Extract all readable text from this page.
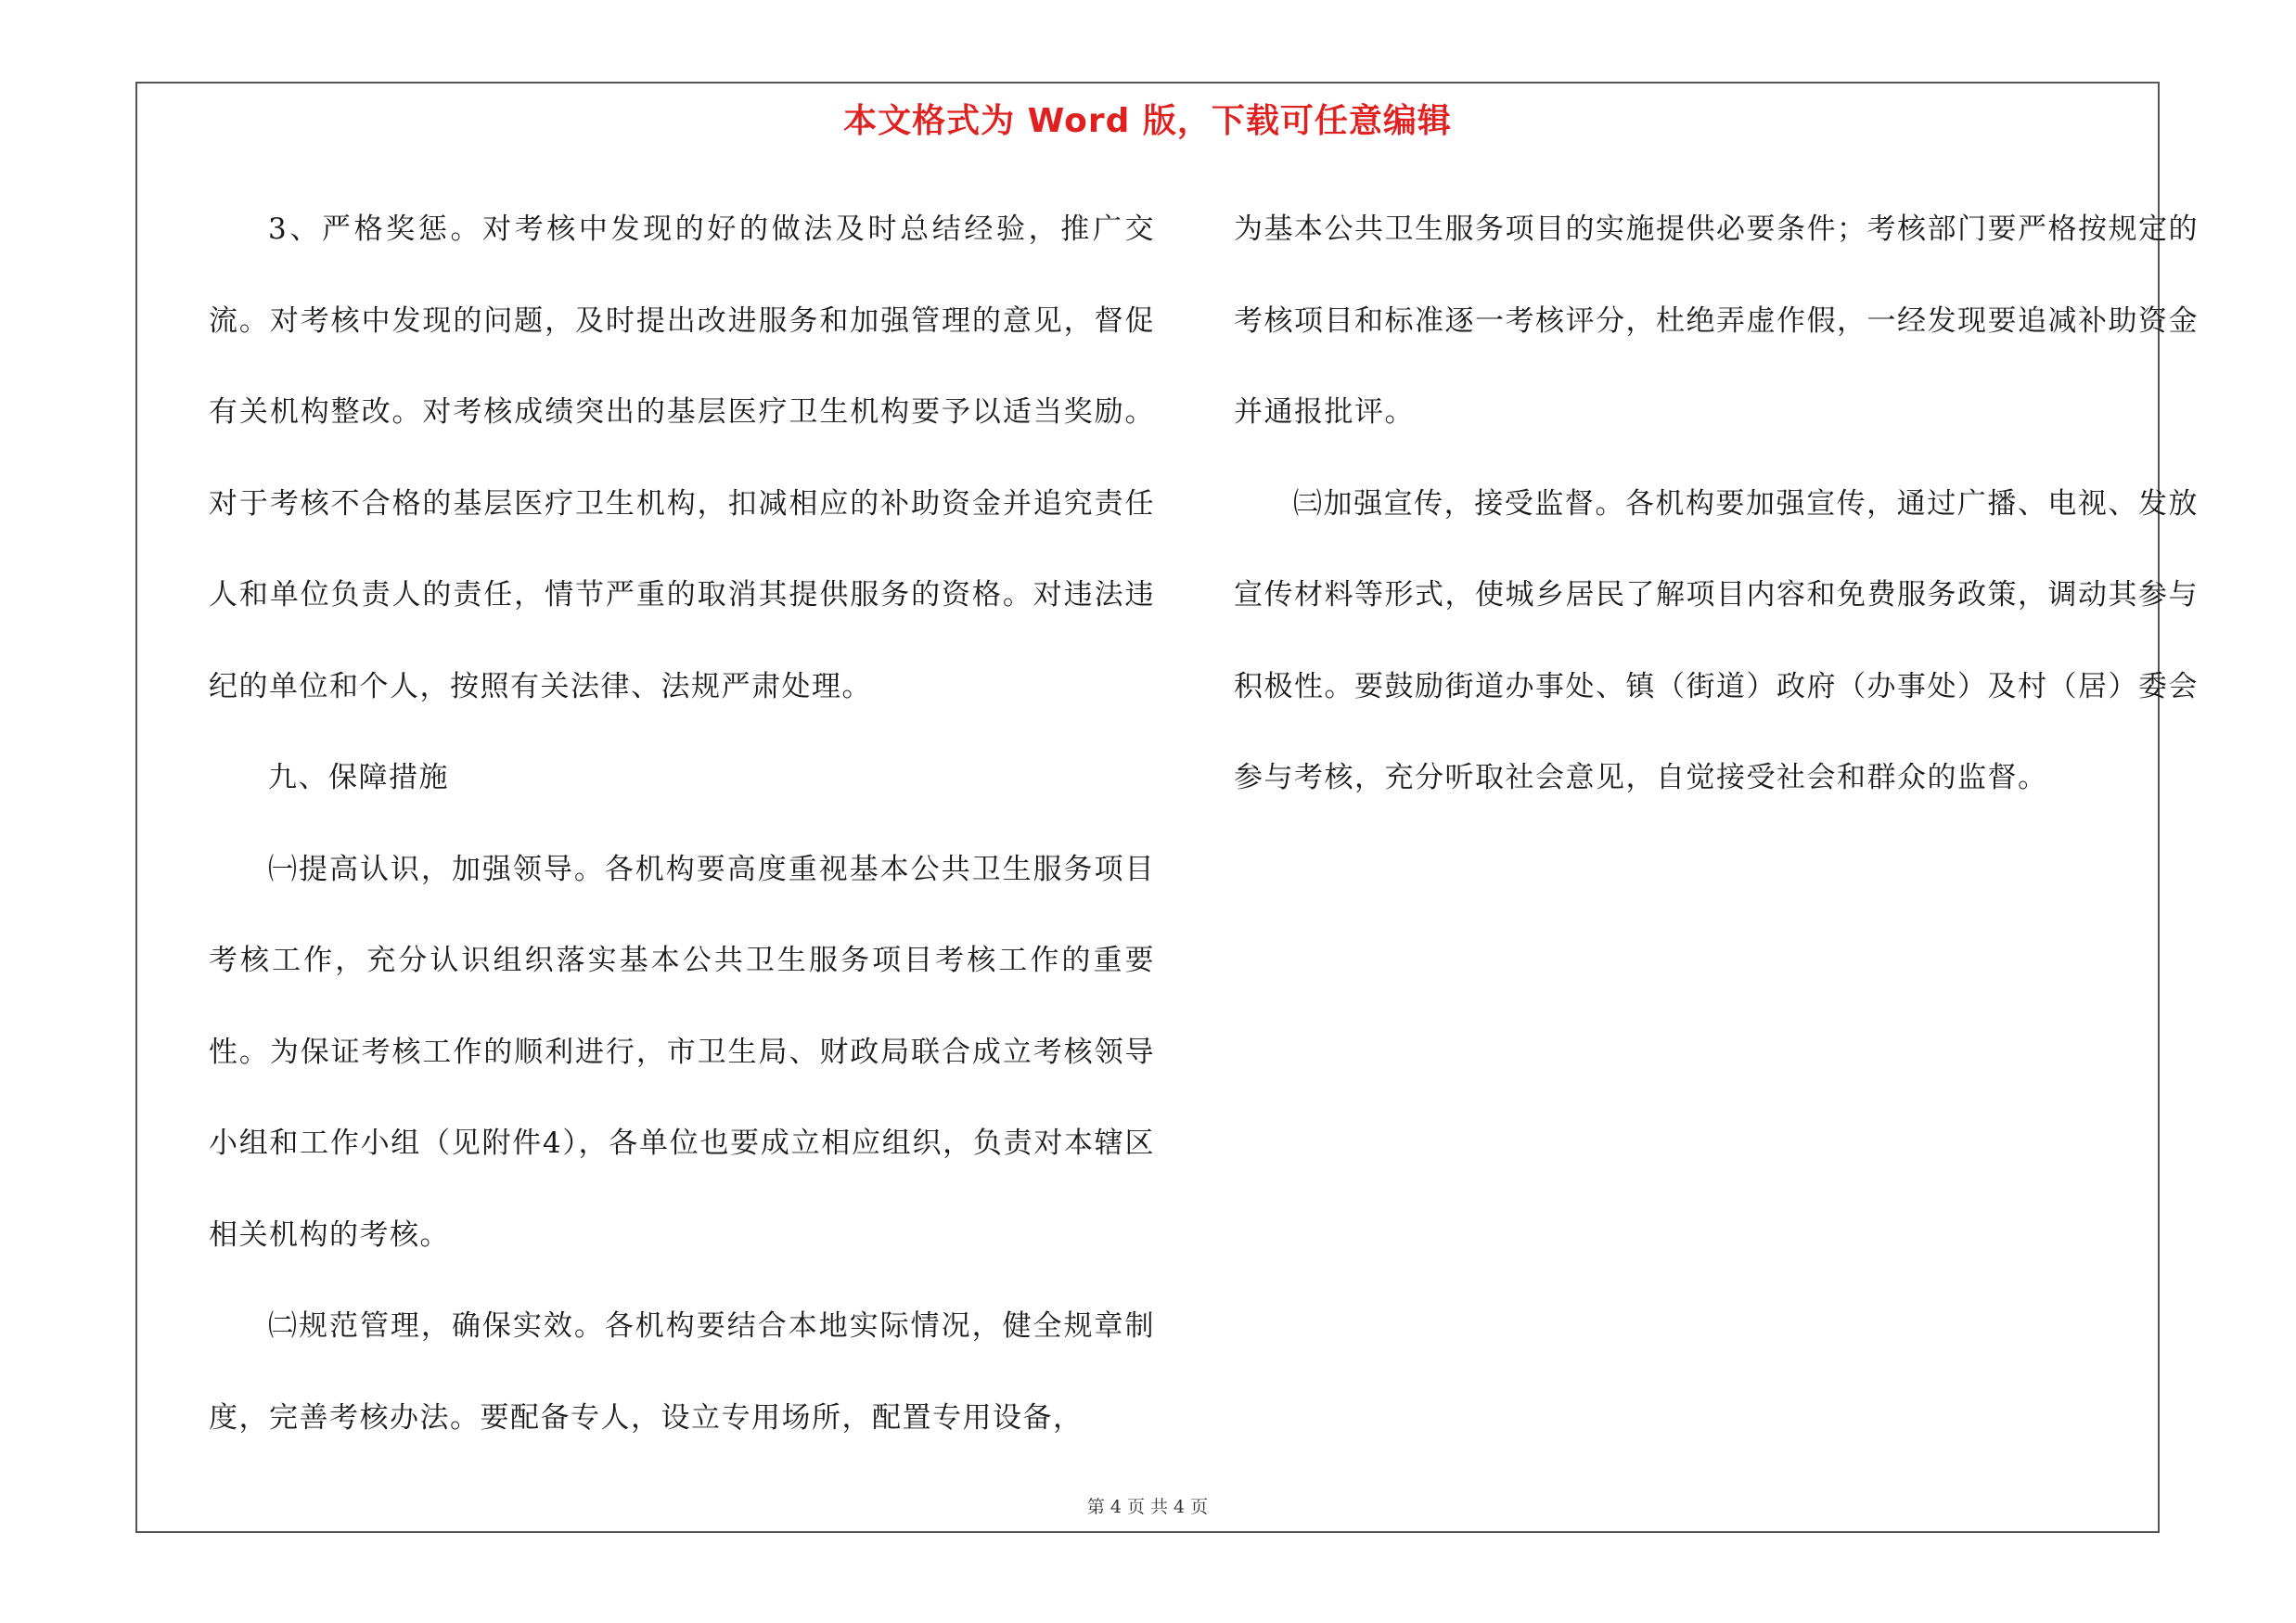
本文格式为 Word 版，下载可任意编辑

3、严格奖惩。对考核中发现的好的做法及时总结经验，推广交流。对考核中发现的问题，及时提出改进服务和加强管理的意见，督促有关机构整改。对考核成绩突出的基层医疗卫生机构要予以适当奖励。对于考核不合格的基层医疗卫生机构，扣减相应的补助资金并追究责任人和单位负责人的责任，情节严重的取消其提供服务的资格。对违法违纪的单位和个人，按照有关法律、法规严肃处理。

九、保障措施

㈠提高认识，加强领导。各机构要高度重视基本公共卫生服务项目考核工作，充分认识组织落实基本公共卫生服务项目考核工作的重要性。为保证考核工作的顺利进行，市卫生局、财政局联合成立考核领导小组和工作小组（见附件4），各单位也要成立相应组织，负责对本辖区相关机构的考核。

㈡规范管理，确保实效。各机构要结合本地实际情况，健全规章制度，完善考核办法。要配备专人，设立专用场所，配置专用设备，

为基本公共卫生服务项目的实施提供必要条件；考核部门要严格按规定的考核项目和标准逐一考核评分，杜绝弄虚作假，一经发现要追减补助资金并通报批评。

㈢加强宣传，接受监督。各机构要加强宣传，通过广播、电视、发放宣传材料等形式，使城乡居民了解项目内容和免费服务政策，调动其参与积极性。要鼓励街道办事处、镇（街道）政府（办事处）及村（居）委会参与考核，充分听取社会意见，自觉接受社会和群众的监督。

第 4 页 共 4 页
